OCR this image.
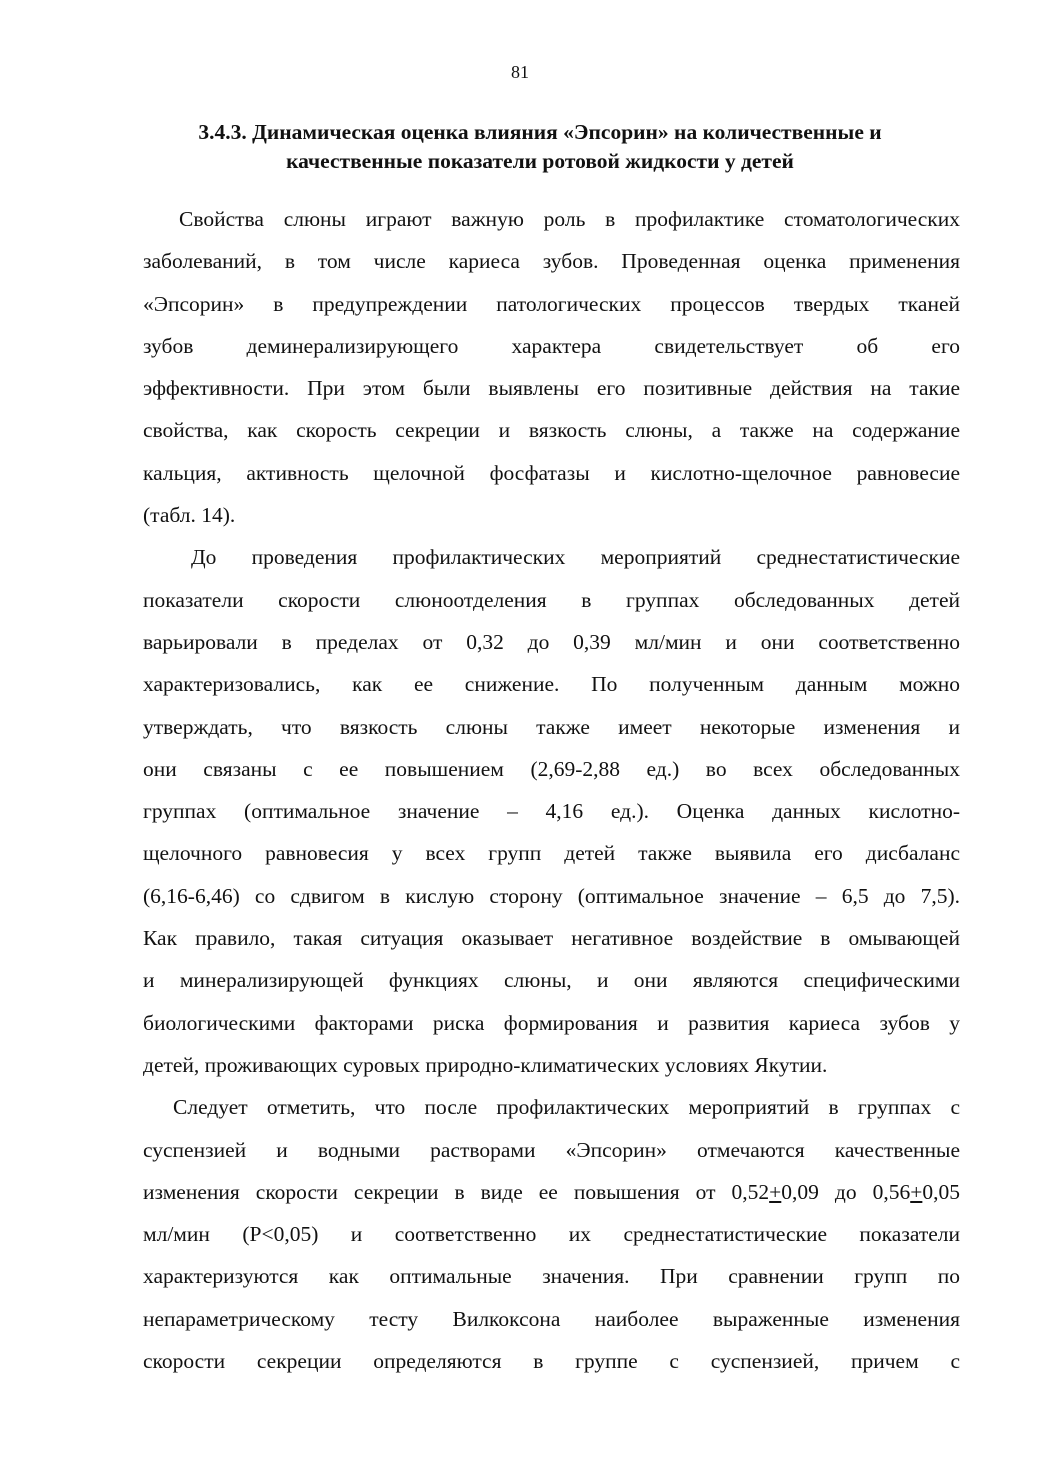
81
3.4.3. Динамическая оценка влияния «Эпсорин» на количественные и
качественные показатели ротовой жидкости у детей

Свойства слюны играют важную роль в профилактике стоматологических
заболеваний, в том числе кариеса зубов. Проведенная оценка применения
«Эпсорин» в предупреждении патологических процессов твердых тканей
зубов деминерализирующего характера свидетельствует об его
эффективности. При этом были выявлены его позитивные действия на такие
свойства, как скорость секреции и вязкость слюны, а также на содержание
кальция, активность щелочной фосфатазы и кислотно-щелочное равновесие
(табл. 14).

До проведения профилактических мероприятий среднестатистические
показатели скорости слюноотделения в группах обследованных детей
варьировали в пределах от 0,32 до 0,39 мл/мин и они соответственно
характеризовались, как ее снижение. По полученным данным можно
утверждать, что вязкость слюны также имеет некоторые изменения и
они связаны с ее повышением (2,69-2,88 ед.) во всех обследованных
группах (оптимальное значение – 4,16 ед.). Оценка данных кислотно-
щелочного равновесия у всех групп детей также выявила его дисбаланс
(6,16-6,46) со сдвигом в кислую сторону (оптимальное значение – 6,5 до 7,5).
Как правило, такая ситуация оказывает негативное воздействие в омывающей
и минерализирующей функциях слюны, и они являются специфическими
биологическими факторами риска формирования и развития кариеса зубов у
детей, проживающих суровых природно-климатических условиях Якутии.

Следует отметить, что после профилактических мероприятий в группах с
суспензией и водными растворами «Эпсорин» отмечаются качественные
изменения скорости секреции в виде ее повышения от 0,52+0,09 до 0,56+0,05
мл/мин (Р<0,05) и соответственно их среднестатистические показатели
характеризуются как оптимальные значения. При сравнении групп по
непараметрическому тесту Вилкоксона наиболее выраженные изменения
скорости секреции определяются в группе с суспензией, причем с
